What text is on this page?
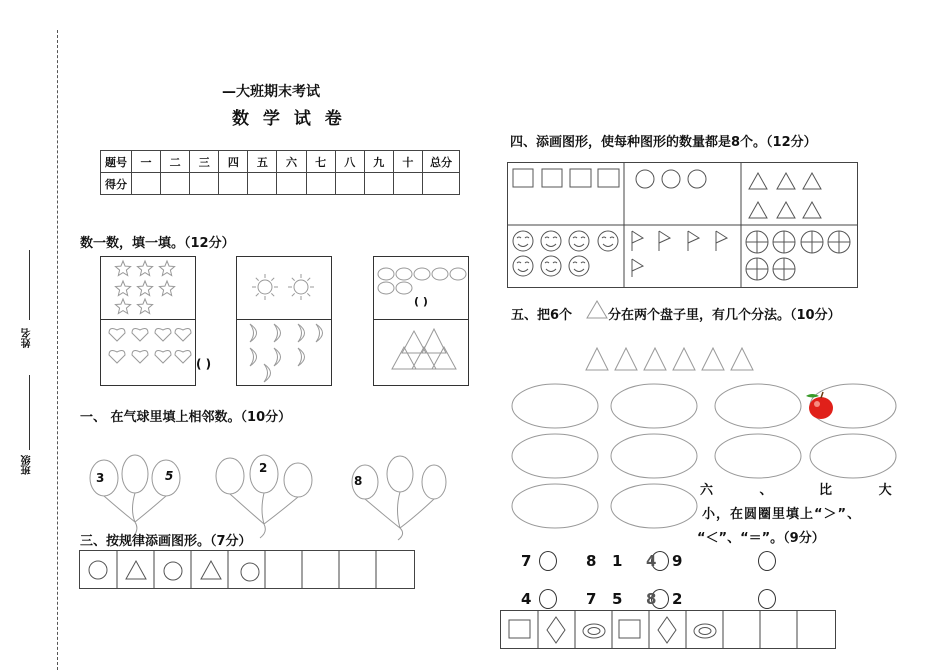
姓名
班级
—大班期末考试
数 学 试 卷
题号	一	二	三	四	五	六	七	八	九	十	总分
得分											
数一数，填一填。（12分）
( )
( )
一、 在气球里填上相邻数。（10分）
3	5
2
8
三、按规律添画图形。（7分）
四、添画图形，使每种图形的数量都是8个。（12分）
五、把6个	分在两个盘子里，有几个分法。（10分）
六 、 比 大
小，在圆圈里填上“＞”、
“＜”、“＝”。（9分）
7	8 1 4 9
4	7 5 8 2
